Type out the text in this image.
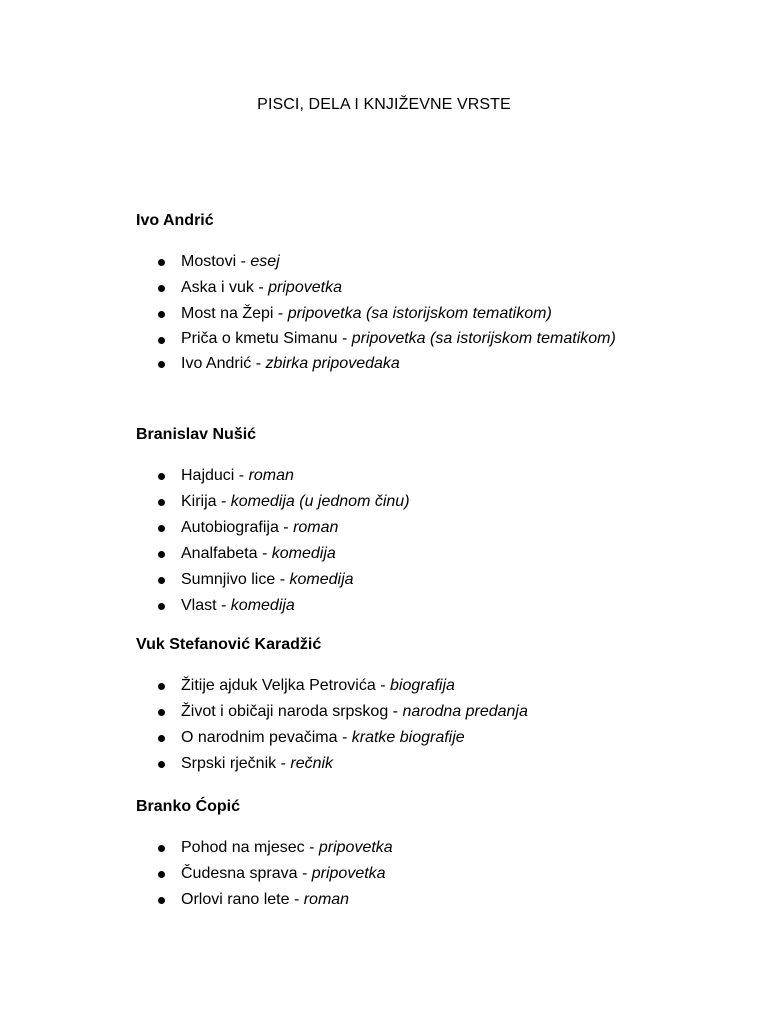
PISCI, DELA I KNJIŽEVNE VRSTE
Ivo Andrić
Mostovi - esej
Aska i vuk - pripovetka
Most na Žepi - pripovetka (sa istorijskom tematikom)
Priča o kmetu Simanu - pripovetka (sa istorijskom tematikom)
Ivo Andrić - zbirka pripovedaka
Branislav Nušić
Hajduci - roman
Kirija - komedija (u jednom činu)
Autobiografija - roman
Analfabeta - komedija
Sumnjivo lice - komedija
Vlast - komedija
Vuk Stefanović Karadžić
Žitije ajduk Veljka Petrovića - biografija
Život i običaji naroda srpskog - narodna predanja
O narodnim pevačima - kratke biografije
Srpski rječnik - rečnik
Branko Ćopić
Pohod na mjesec - pripovetka
Čudesna sprava - pripovetka
Orlovi rano lete - roman
